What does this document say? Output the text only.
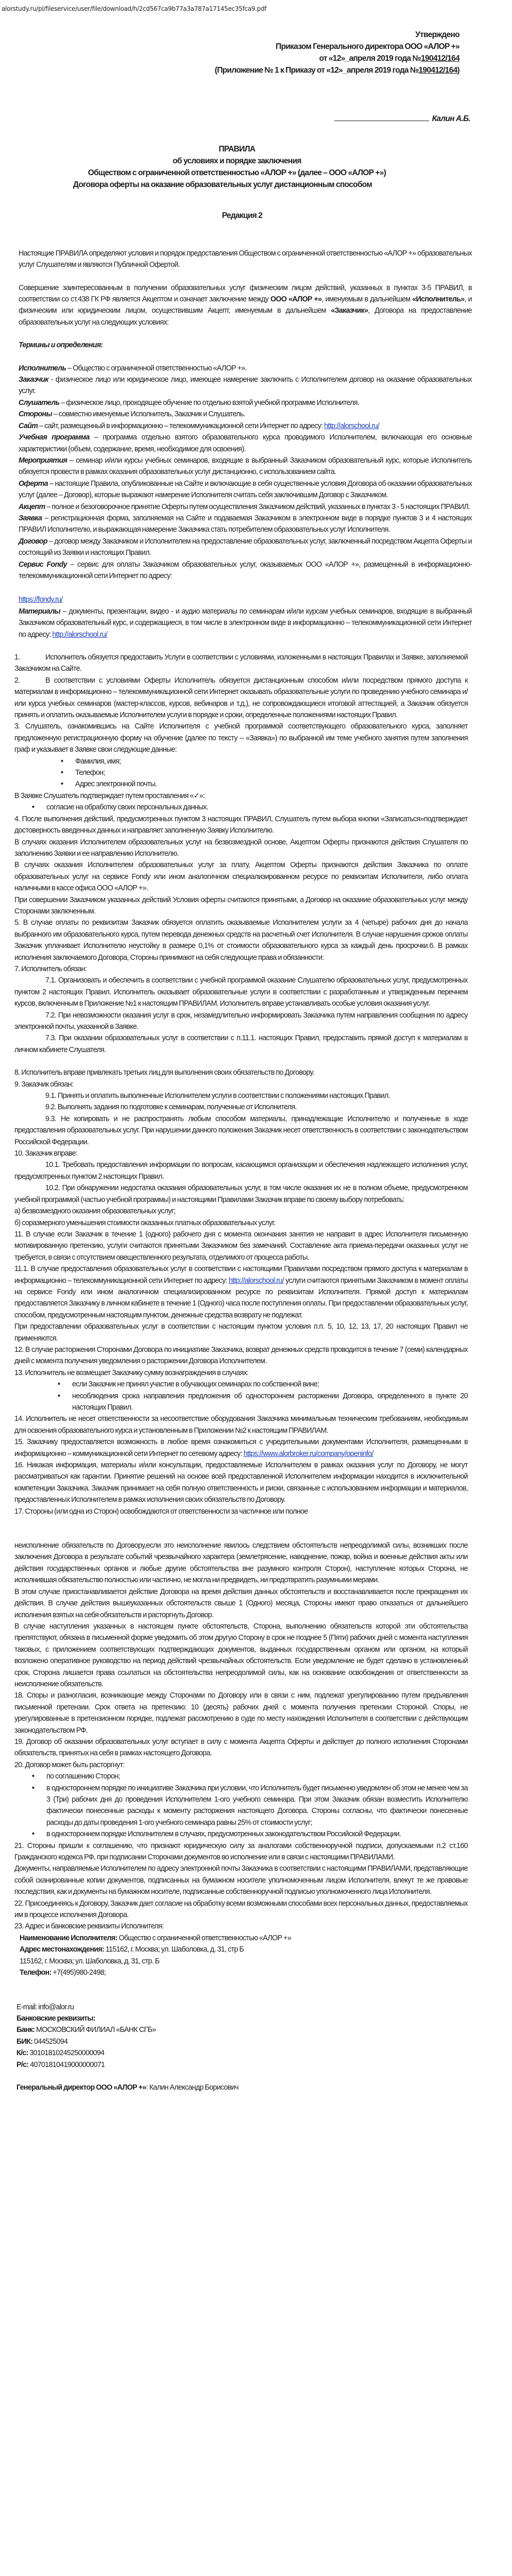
alorstudy.ru/pl/fileservice/user/file/download/h/2cd567ca9b77a3a787a17145ec35fca9.pdf
Утверждено
Приказом Генерального директора ООО «АЛОР +»
от «12»_апреля 2019 года №190412/164
(Приложение № 1 к Приказу от «12»_апреля 2019 года №190412/164)
Калин А.Б.
ПРАВИЛА
об условиях и порядке заключения
Обществом с ограниченной ответственностью «АЛОР +» (далее – ООО «АЛОР +»)
Договора оферты на оказание образовательных услуг дистанционным способом
Редакция 2
Настоящие ПРАВИЛА определяют условия и порядок предоставления Обществом с ограниченной ответственностью «АЛОР +» образовательных услуг Слушателям и являются Публичной Офертой.
Совершение заинтересованным в получении образовательных услуг физическим лицом действий, указанных в пунктах 3-5 ПРАВИЛ, в соответствии со ст.438 ГК РФ является Акцептом и означает заключение между ООО «АЛОР +», именуемым в дальнейшем «Исполнитель», и физическим или юридическим лицом, осуществившим Акцепт, именуемым в дальнейшем «Заказчик», Договора на предоставление образовательных услуг на следующих условиях:
Термины и определения:
Исполнитель – Общество с ограниченной ответственностью «АЛОР +».
Заказчик - физическое лицо или юридическое лицо, имеющее намерение заключить с Исполнителем договор на оказание образовательных услуг.
Слушатель – физическое лицо, проходящее обучение по отдельно взятой учебной программе Исполнителя.
Стороны – совместно именуемые Исполнитель, Заказчик и Слушатель.
Сайт – сайт, размещенный в информационно – телекоммуникационной сети Интернет по адресу: http://alorschool.ru/
Учебная программа – программа отдельно взятого образовательного курса проводимого Исполнителем, включающая его основные характеристики (объем, содержание, время, необходимое для освоения).
Мероприятия – семинар и/или курсы учебных семинаров, входящие в выбранный Заказчиком образовательный курс, которые Исполнитель обязуется провести в рамках оказания образовательных услуг дистанционно, с использованием сайта.
Оферта – настоящие Правила, опубликованные на Сайте и включающие в себя существенные условия Договора об оказании образовательных услуг (далее – Договор), которые выражают намерение Исполнителя считать себя заключившим Договор с Заказчиком.
Акцепт – полное и безоговорочное принятие Оферты путем осуществления Заказчиком действий, указанных в пунктах 3 - 5 настоящих ПРАВИЛ.
Заявка – регистрационная форма, заполняемая на Сайте и подаваемая Заказчиком в электронном виде в порядке пунктов 3 и 4 настоящих ПРАВИЛ Исполнителю, и выражающая намерение Заказчика стать потребителем образовательных услуг Исполнителя.
Договор – договор между Заказчиком и Исполнителем на предоставление образовательных услуг, заключенный посредством Акцепта Оферты и состоящий из Заявки и настоящих Правил.
Сервис Fondy – сервис для оплаты Заказчиком образовательных услуг, оказываемых ООО «АЛОР +», размещенный в информационно-телекоммуникационной сети Интернет по адресу:
https://fondy.ru/
Материалы – документы, презентации, видео - и аудио материалы по семинарам и/или курсам учебных семинаров, входящие в выбранный Заказчиком образовательный курс, и содержащиеся, в том числе в электронном виде в информационно – телекоммуникационной сети Интернет по адресу: http://alorschool.ru/
1.	Исполнитель обязуется предоставить Услуги в соответствии с условиями, изложенными в настоящих Правилах и Заявке, заполняемой Заказчиком на Сайте.
2.	В соответствии с условиями Оферты Исполнитель обязуется дистанционным способом и/или посредством прямого доступа к материалам в информационно – телекоммуникационной сети Интернет оказывать образовательные услуги по проведению учебного семинара и/или курса учебных семинаров (мастер-классов, курсов, вебинаров и т.д.), не сопровождающиеся итоговой аттестацией, а Заказчик обязуется принять и оплатить оказываемые Исполнителем услуги в порядке и сроки, определенные положениями настоящих Правил.
3. Слушатель, ознакомившись на Сайте Исполнителя с учебной программой соответствующего образовательного курса, заполняет предложенную регистрационную форму на обучение (далее по тексту – «Заявка») по выбранной им теме учебного занятия путем заполнения граф и указывает в Заявке свои следующие данные:
• Фамилия, имя;
• Телефон;
• Адрес электронной почты.
В Заявке Слушатель подтверждает путем проставления «✓»:
• согласие на обработку своих персональных данных.
4. После выполнения действий, предусмотренных пунктом 3 настоящих ПРАВИЛ, Слушатель путем выбора кнопки «Записаться»подтверждает достоверность введенных данных и направляет заполненную Заявку Исполнителю.
В случаях оказания Исполнителем образовательных услуг на безвозмездной основе, Акцептом Оферты признаются действия Слушателя по заполнению Заявки и ее направлению Исполнителю.
В случаях оказания Исполнителем образовательных услуг за плату, Акцептом Оферты признаются действия Заказчика по оплате образовательных услуг на сервисе Fondy или ином аналогичном специализированном ресурсе по реквизитам Исполнителя, либо оплата наличными в кассе офиса ООО «АЛОР +».
При совершении Заказчиком указанных действий Условия оферты считаются принятыми, а Договор на оказание образовательных услуг между Сторонами заключенным.
5. В случае оплаты по реквизитам Заказчик обязуется оплатить оказываемые Исполнителем услуги за 4 (четыре) рабочих дня до начала выбранного им образовательного курса, путем перевода денежных средств на расчетный счет Исполнителя. В случае нарушения сроков оплаты Заказчик уплачивает Исполнителю неустойку в размере 0,1% от стоимости образовательного курса за каждый день просрочки.6. В рамках исполнения заключаемого Договора, Стороны принимают на себя следующие права и обязанности:
7. Исполнитель обязан:
7.1. Организовать и обеспечить в соответствии с учебной программой оказание Слушателю образовательных услуг, предусмотренных пунктом 2 настоящих Правил. Исполнитель оказывает образовательные услуги в соответствии с разработанным и утвержденным перечнем курсов, включенным в Приложение №1 к настоящим ПРАВИЛАМ. Исполнитель вправе устанавливать особые условия оказания услуг.
7.2. При невозможности оказания услуг в срок, незамедлительно информировать Заказчика путем направления сообщения по адресу электронной почты, указанной в Заявке.
7.3. При оказании образовательных услуг в соответствии с п.11.1. настоящих Правил, предоставить прямой доступ к материалам в личном кабинете Слушателя.
8. Исполнитель вправе привлекать третьих лиц для выполнения своих обязательств по Договору.
9. Заказчик обязан:
9.1. Принять и оплатить выполненные Исполнителем услуги в соответствии с положениями настоящих Правил.
9.2. Выполнять задания по подготовке к семинарам, полученные от Исполнителя.
9.3. Не копировать и не распространять любым способом материалы, принадлежащие Исполнителю и полученные в ходе предоставления образовательных услуг. При нарушении данного положения Заказчик несет ответственность в соответствии с законодательством Российской Федерации.
10. Заказчик вправе:
10.1. Требовать предоставления информации по вопросам, касающимся организации и обеспечения надлежащего исполнения услуг, предусмотренных пунктом 2 настоящих Правил.
10.2. При обнаружении недостатка оказания образовательных услуг, в том числе оказания их не в полном объеме, предусмотренном учебной программой (частью учебной программы) и настоящими Правилами Заказчик вправе по своему выбору потребовать:
а) безвозмездного оказания образовательных услуг;
б) соразмерного уменьшения стоимости оказанных платных образовательных услуг.
11. В случае если Заказчик в течение 1 (одного) рабочего дня с момента окончания занятия не направит в адрес Исполнителя письменную мотивированную претензию, услуги считаются принятыми Заказчиком без замечаний. Составление акта приема-передачи оказанных услуг не требуется, в связи с отсутствием овеществленного результата, отделимого от процесса работы.
11.1. В случае предоставления образовательных услуг в соответствии с настоящими Правилами посредством прямого доступа к материалам в информационно – телекоммуникационной сети Интернет по адресу: http://alorschool.ru/ услуги считаются принятыми Заказчиком в момент оплаты на сервисе Fondy или ином аналогичном специализированном ресурсе по реквизитам Исполнителя. Прямой доступ к материалам предоставляется Заказчику в личном кабинете в течение 1 (Одного) часа после поступления оплаты. При предоставлении образовательных услуг, способом, предусмотренным настоящим пунктом, денежные средства возврату не подлежат.
При предоставлении образовательных услуг в соответствии с настоящим пунктом условия п.п. 5, 10, 12, 13, 17, 20 настоящих Правил не применяются.
12. В случае расторжения Сторонами Договора по инициативе Заказчика, возврат денежных средств проводится в течение 7 (семи) календарных дней с момента получения уведомления о расторжении Договора Исполнителем.
13. Исполнитель не возмещает Заказчику сумму вознаграждения в случаях:
• если Заказчик не принял участие в обучающих семинарах по собственной вине;
• несоблюдения срока направления предложения об одностороннем расторжении Договора, определенного в пункте 20 настоящих Правил.
14. Исполнитель не несет ответственности за несоответствие оборудования Заказчика минимальным техническим требованиям, необходимым для освоения образовательного курса и установленным в Приложении №2 к настоящим ПРАВИЛАМ.
15. Заказчику предоставляется возможность в любое время ознакомиться с учредительными документами Исполнителя, размещенными в информационно – коммуникационной сети Интернет по сетевому адресу: https://www.alorbroker.ru/company/openinfo/
16. Никакая информация, материалы и/или консультации, предоставляемые Исполнителем в рамках оказания услуг по Договору, не могут рассматриваться как гарантии. Принятие решений на основе всей предоставленной Исполнителем информации находится в исключительной компетенции Заказчика. Заказчик принимает на себя полную ответственность и риски, связанные с использованием информации и материалов, предоставленных Исполнителем в рамках исполнения своих обязательств по Договору.
17. Стороны (или одна из Сторон) освобождаются от ответственности за частичное или полное
неисполнение обязательств по Договору,если это неисполнение явилось следствием обстоятельств непреодолимой силы, возникших после заключения Договора в результате событий чрезвычайного характера (землетрясение, наводнение, пожар, война и военные действия акты или действия государственных органов и любые другие обстоятельства вне разумного контроля Сторон), наступление которых Сторона, не исполнившая обязательство полностью или частично, не могла ни предвидеть, ни предотвратить разумными мерами.
В этом случае приостанавливается действие Договора на время действия данных обстоятельств и восстанавливается после прекращения их действия. В случае действия вышеуказанных обстоятельств свыше 1 (Одного) месяца, Стороны имеют право отказаться от дальнейшего исполнения взятых на себя обязательств и расторгнуть Договор.
В случае наступления указанных в настоящем пункте обстоятельств, Сторона, выполнению обязательств которой эти обстоятельства препятствуют, обязана в письменной форме уведомить об этом другую Сторону в срок не позднее 5 (Пяти) рабочих дней с момента наступления таковых, с приложением соответствующих подтверждающих документов, выданных государственным органом или органом, на который возложено оперативное руководство на период действий чрезвычайных обстоятельств. Если уведомление не будет сделано в установленный срок, Сторона лишается права ссылаться на обстоятельства непреодолимой силы, как на основание освобождения от ответственности за неисполнение обязательств.
18. Споры и разногласия, возникающие между Сторонами по Договору или в связи с ним, подлежат урегулированию путем предъявления письменной претензии. Срок ответа на претензию: 10 (десять) рабочих дней с момента получения претензии Стороной. Споры, не урегулированные в претензионном порядке, подлежат рассмотрению в суде по месту нахождения Исполнителя в соответствии с действующим законодательством РФ.
19. Договор об оказании образовательных услуг вступает в силу с момента Акцепта Оферты и действует до полного исполнения Сторонами обязательств, принятых на себя в рамках настоящего Договора.
20. Договор может быть расторгнут:
• по соглашению Сторон;
• в одностороннем порядке по инициативе Заказчика при условии, что Исполнитель будет письменно уведомлен об этом не менее чем за 3 (Три) рабочих дня до проведения Исполнителем 1-ого учебного семинара. При этом Заказчик обязан возместить Исполнителю фактически понесенные расходы к моменту расторжения настоящего Договора. Стороны согласны, что фактически понесенные расходы до даты проведения 1-ого учебного семинара равны 25% от стоимости услуг;
• в одностороннем порядке Исполнителем в случаях, предусмотренных законодательством Российской Федерации.
21. Стороны пришли к соглашению, что признают юридическую силу за аналогами собственноручной подписи, допускаемыми п.2 ст.160 Гражданского кодекса РФ, при подписании Сторонами документов во исполнение или в связи с настоящими ПРАВИЛАМИ.
Документы, направляемые Исполнителем по адресу электронной почты Заказчика в соответствии с настоящими ПРАВИЛАМИ, представляющие собой сканированные копии документов, подписанных на бумажном носителе уполномоченным лицом Исполнителя, влекут те же правовые последствия, как и документы на бумажном носителе, подписанные собственноручной подписью уполномоченного лица Исполнителя.
22. Присоединяясь к Договору, Заказчик дает согласие на обработку всеми возможными способами всех персональных данных, предоставляемых им в процессе исполнения Договора.
23. Адрес и банковские реквизиты Исполнителя:
Наименование Исполнителя: Общество с ограниченной ответственностью «АЛОР +»
Адрес местонахождения: 115162, г. Москва; ул. Шаболовка, д. 31, стр Б
115162, г. Москва; ул. Шаболовка, д. 31, стр. Б
Телефон: +7(495)980-2498;
E-mail: info@alor.ru
Банковские реквизиты:
Банк: МОСКОВСКИЙ ФИЛИАЛ «БАНК СГБ»
БИК: 044525094
К/с: 30101810245250000094
Р/с: 40701810419000000071
Генеральный директор ООО «АЛОР +»: Калин Александр Борисович
